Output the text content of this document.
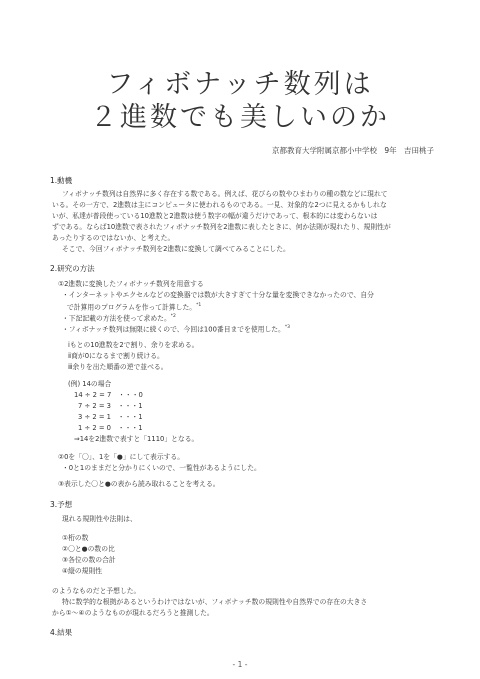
フィボナッチ数列は
２進数でも美しいのか
京都教育大学附属京都小中学校 9年 吉田桃子
1.動機
フィボナッチ数列は自然界に多く存在する数である。例えば、花びらの数やひまわりの種の数などに現れて
いる。その一方で、2進数は主にコンピュータに使われるものである。一見、対象的な2つに見えるかもしれな
いが、私達が普段使っている10進数と2進数は使う数字の幅が違うだけであって、根本的には変わらないは
ずである。ならば10進数で表されたフィボナッチ数列を2進数に表したときに、何か法則が現れたり、規則性が
あったりするのではないか、と考えた。
そこで、今回フィボナッチ数列を2進数に変換して調べてみることにした。
2.研究の方法
①2進数に変換したフィボナッチ数列を用意する
・インターネットやエクセルなどの変換器では数が大きすぎて十分な量を変換できなかったので、自分
で計算用のプログラムを作って計算した。$^{*1}$
・下記記載の方法を使って求めた。$^{*2}$
・フィボナッチ数列は無限に続くので、今回は100番目までを使用した。$^{*3}$
ⅰもとの10進数を2で割り、余りを求める。
ⅱ商が0になるまで割り続ける。
ⅲ余りを出た順番の逆で並べる。
(例) 14の場合
14 ÷ 2 = 7　・・・0
7 ÷ 2 = 3　・・・1
3 ÷ 2 = 1　・・・1
1 ÷ 2 = 0　・・・1
⇒14を2進数で表すと「1110」となる。
②0を「〇」、1を「●」にして表示する。
・0と1のままだと分かりにくいので、一覧性があるようにした。
③表示した〇と●の表から読み取れることを考える。
3.予想
現れる規則性や法則は、
①桁の数
②〇と●の数の比
③各位の数の合計
④縦の規則性
のようなものだと予想した。
特に数学的な根拠があるというわけではないが、フィボナッチ数の規則性や自然界での存在の大きさ
から①～④のようなものが現れるだろうと推測した。
4.結果
- 1 -
